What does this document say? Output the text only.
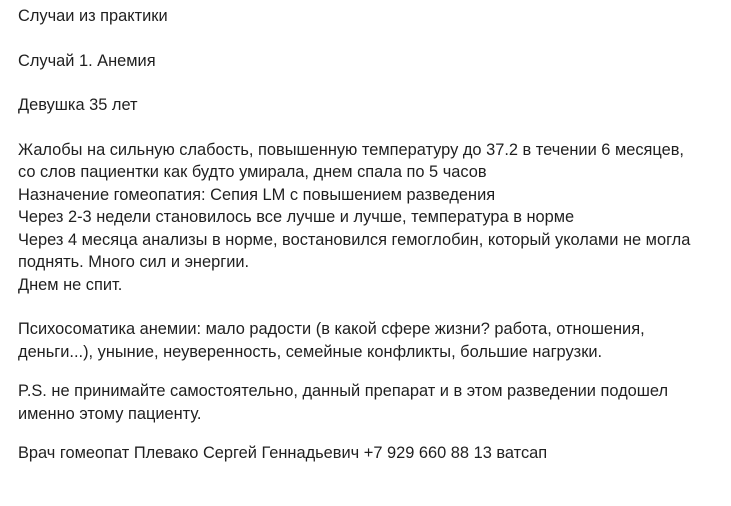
Случаи из практики
Случай 1. Анемия
Девушка 35 лет
Жалобы на сильную слабость, повышенную температуру до 37.2 в течении 6 месяцев,
со слов пациентки как будто умирала, днем спала по 5 часов
Назначение гомеопатия: Сепия LM с повышением разведения
Через 2-3 недели становилось все лучше и лучше, температура в норме
Через 4 месяца анализы в норме, востановился гемоглобин, который уколами не могла
поднять. Много сил и энергии.
Днем не спит.
Психосоматика анемии: мало радости (в какой сфере жизни? работа, отношения,
деньги...), уныние, неуверенность, семейные конфликты, большие нагрузки.
P.S. не принимайте самостоятельно, данный препарат и в этом разведении подошел
именно этому пациенту.
Врач гомеопат Плевако Сергей Геннадьевич +7 929 660 88 13 ватсап
